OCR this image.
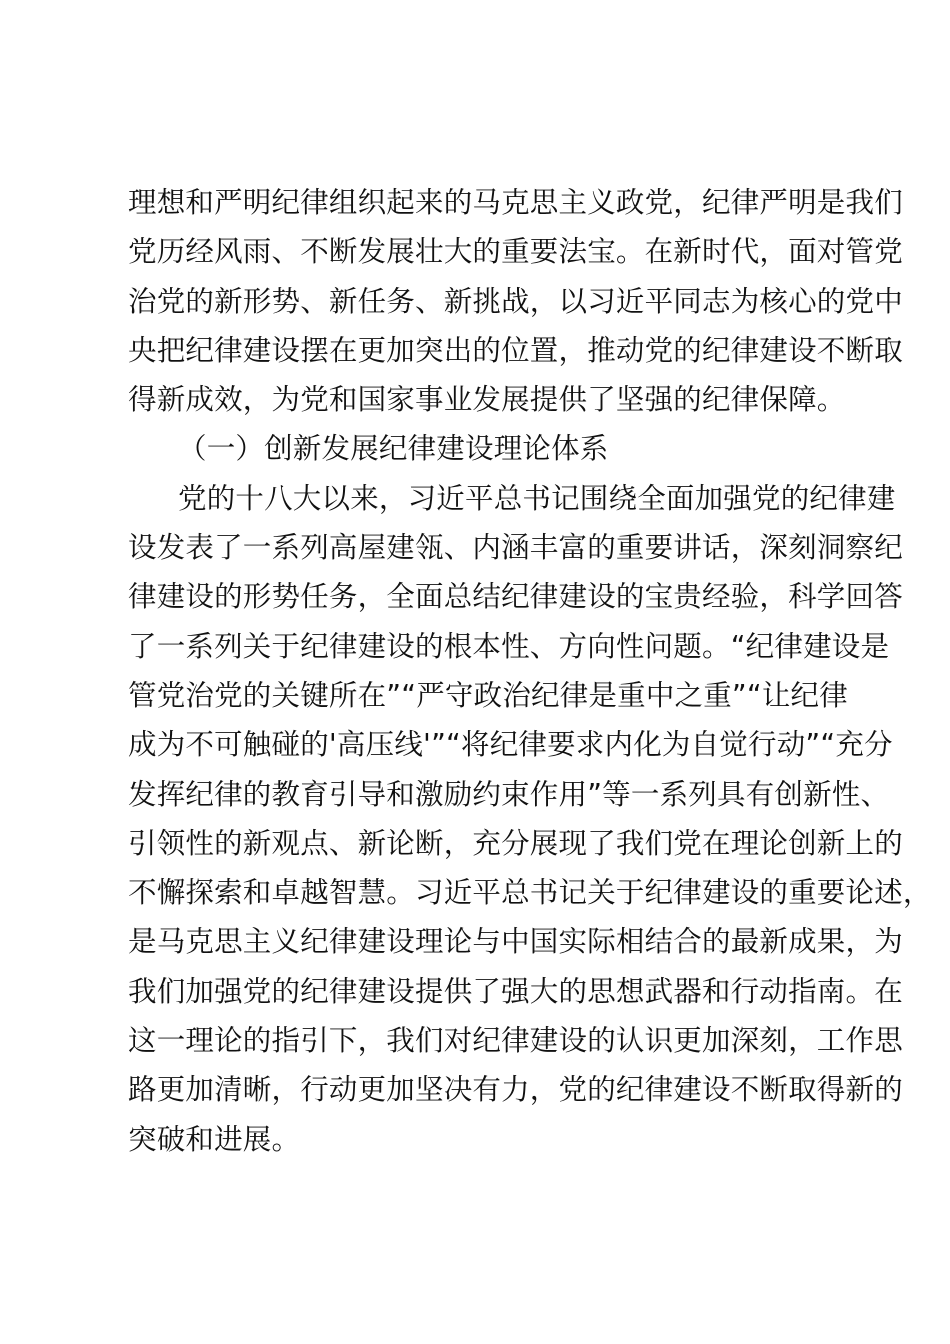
理想和严明纪律组织起来的马克思主义政党，纪律严明是我们
党历经风雨、不断发展壮大的重要法宝。在新时代，面对管党
治党的新形势、新任务、新挑战，以习近平同志为核心的党中
央把纪律建设摆在更加突出的位置，推动党的纪律建设不断取
得新成效，为党和国家事业发展提供了坚强的纪律保障。
（一）创新发展纪律建设理论体系
党的十八大以来，习近平总书记围绕全面加强党的纪律建
设发表了一系列高屋建瓴、内涵丰富的重要讲话，深刻洞察纪
律建设的形势任务，全面总结纪律建设的宝贵经验，科学回答
了一系列关于纪律建设的根本性、方向性问题。“纪律建设是
管党治党的关键所在”“严守政治纪律是重中之重”“让纪律
成为不可触碰的'高压线'”“将纪律要求内化为自觉行动”“充分
发挥纪律的教育引导和激励约束作用”等一系列具有创新性、
引领性的新观点、新论断，充分展现了我们党在理论创新上的
不懈探索和卓越智慧。习近平总书记关于纪律建设的重要论述，
是马克思主义纪律建设理论与中国实际相结合的最新成果，为
我们加强党的纪律建设提供了强大的思想武器和行动指南。在
这一理论的指引下，我们对纪律建设的认识更加深刻，工作思
路更加清晰，行动更加坚决有力，党的纪律建设不断取得新的
突破和进展。
